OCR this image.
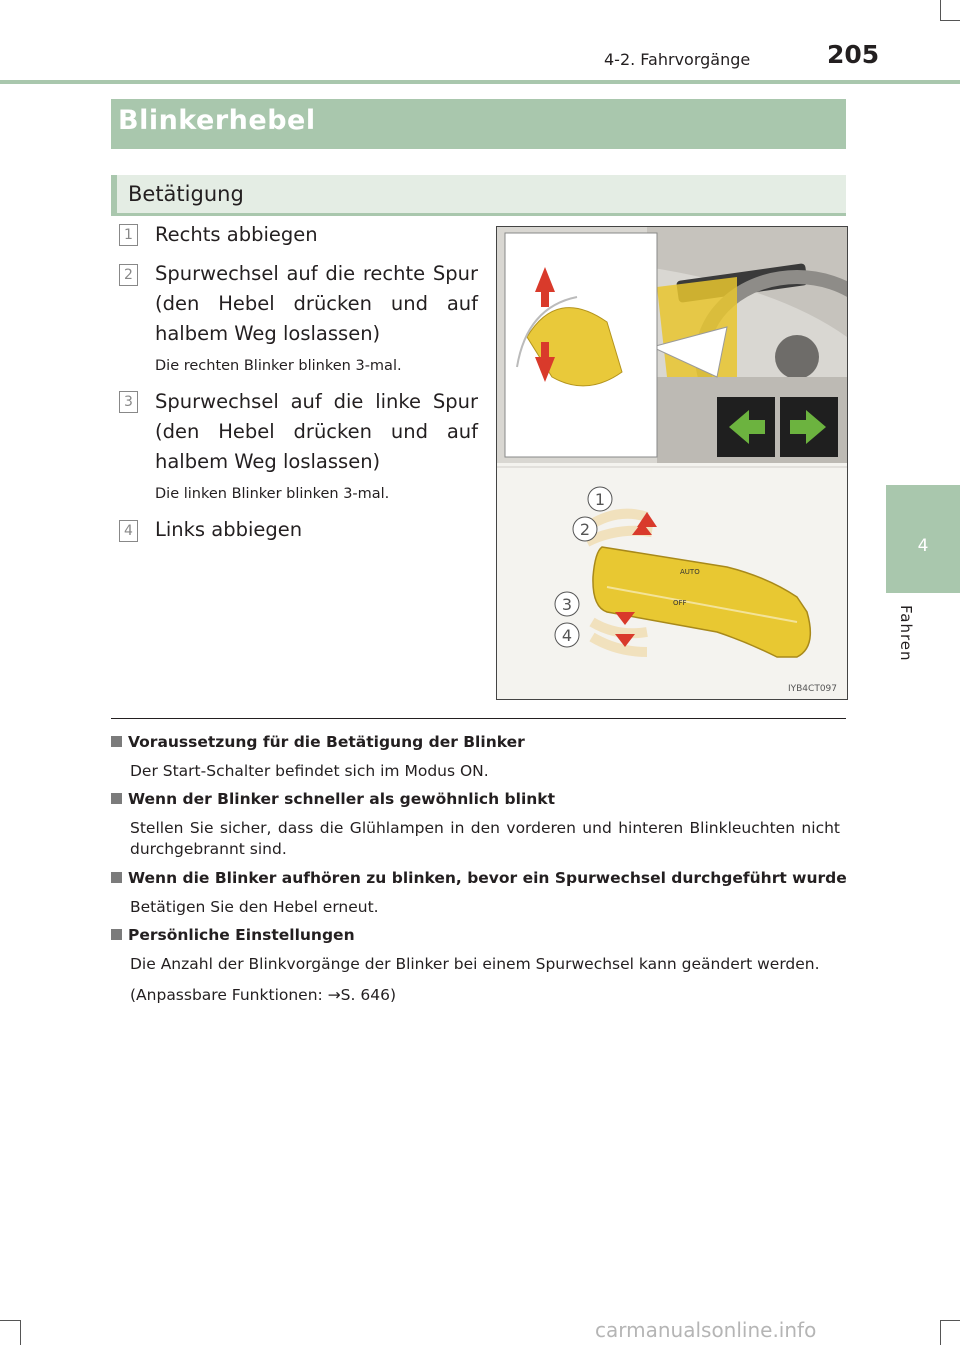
4-2. Fahrvorgänge	205
4
Fahren
Blinkerhebel
Betätigung
1 Rechts abbiegen
2 Spurwechsel auf die rechte Spur (den Hebel drücken und auf halbem Weg loslassen)
Die rechten Blinker blinken 3-mal.
3 Spurwechsel auf die linke Spur (den Hebel drücken und auf halbem Weg loslassen)
Die linken Blinker blinken 3-mal.
4 Links abbiegen
AUTO
OFF
1
2
3
4
IYB4CT097
Voraussetzung für die Betätigung der Blinker
Der Start-Schalter befindet sich im Modus ON.
Wenn der Blinker schneller als gewöhnlich blinkt
Stellen Sie sicher, dass die Glühlampen in den vorderen und hinteren Blinkleuchten nicht durchgebrannt sind.
Wenn die Blinker aufhören zu blinken, bevor ein Spurwechsel durchgeführt wurde
Betätigen Sie den Hebel erneut.
Persönliche Einstellungen
Die Anzahl der Blinkvorgänge der Blinker bei einem Spurwechsel kann geändert werden.
(Anpassbare Funktionen: →S. 646)
carmanualsonline.info
